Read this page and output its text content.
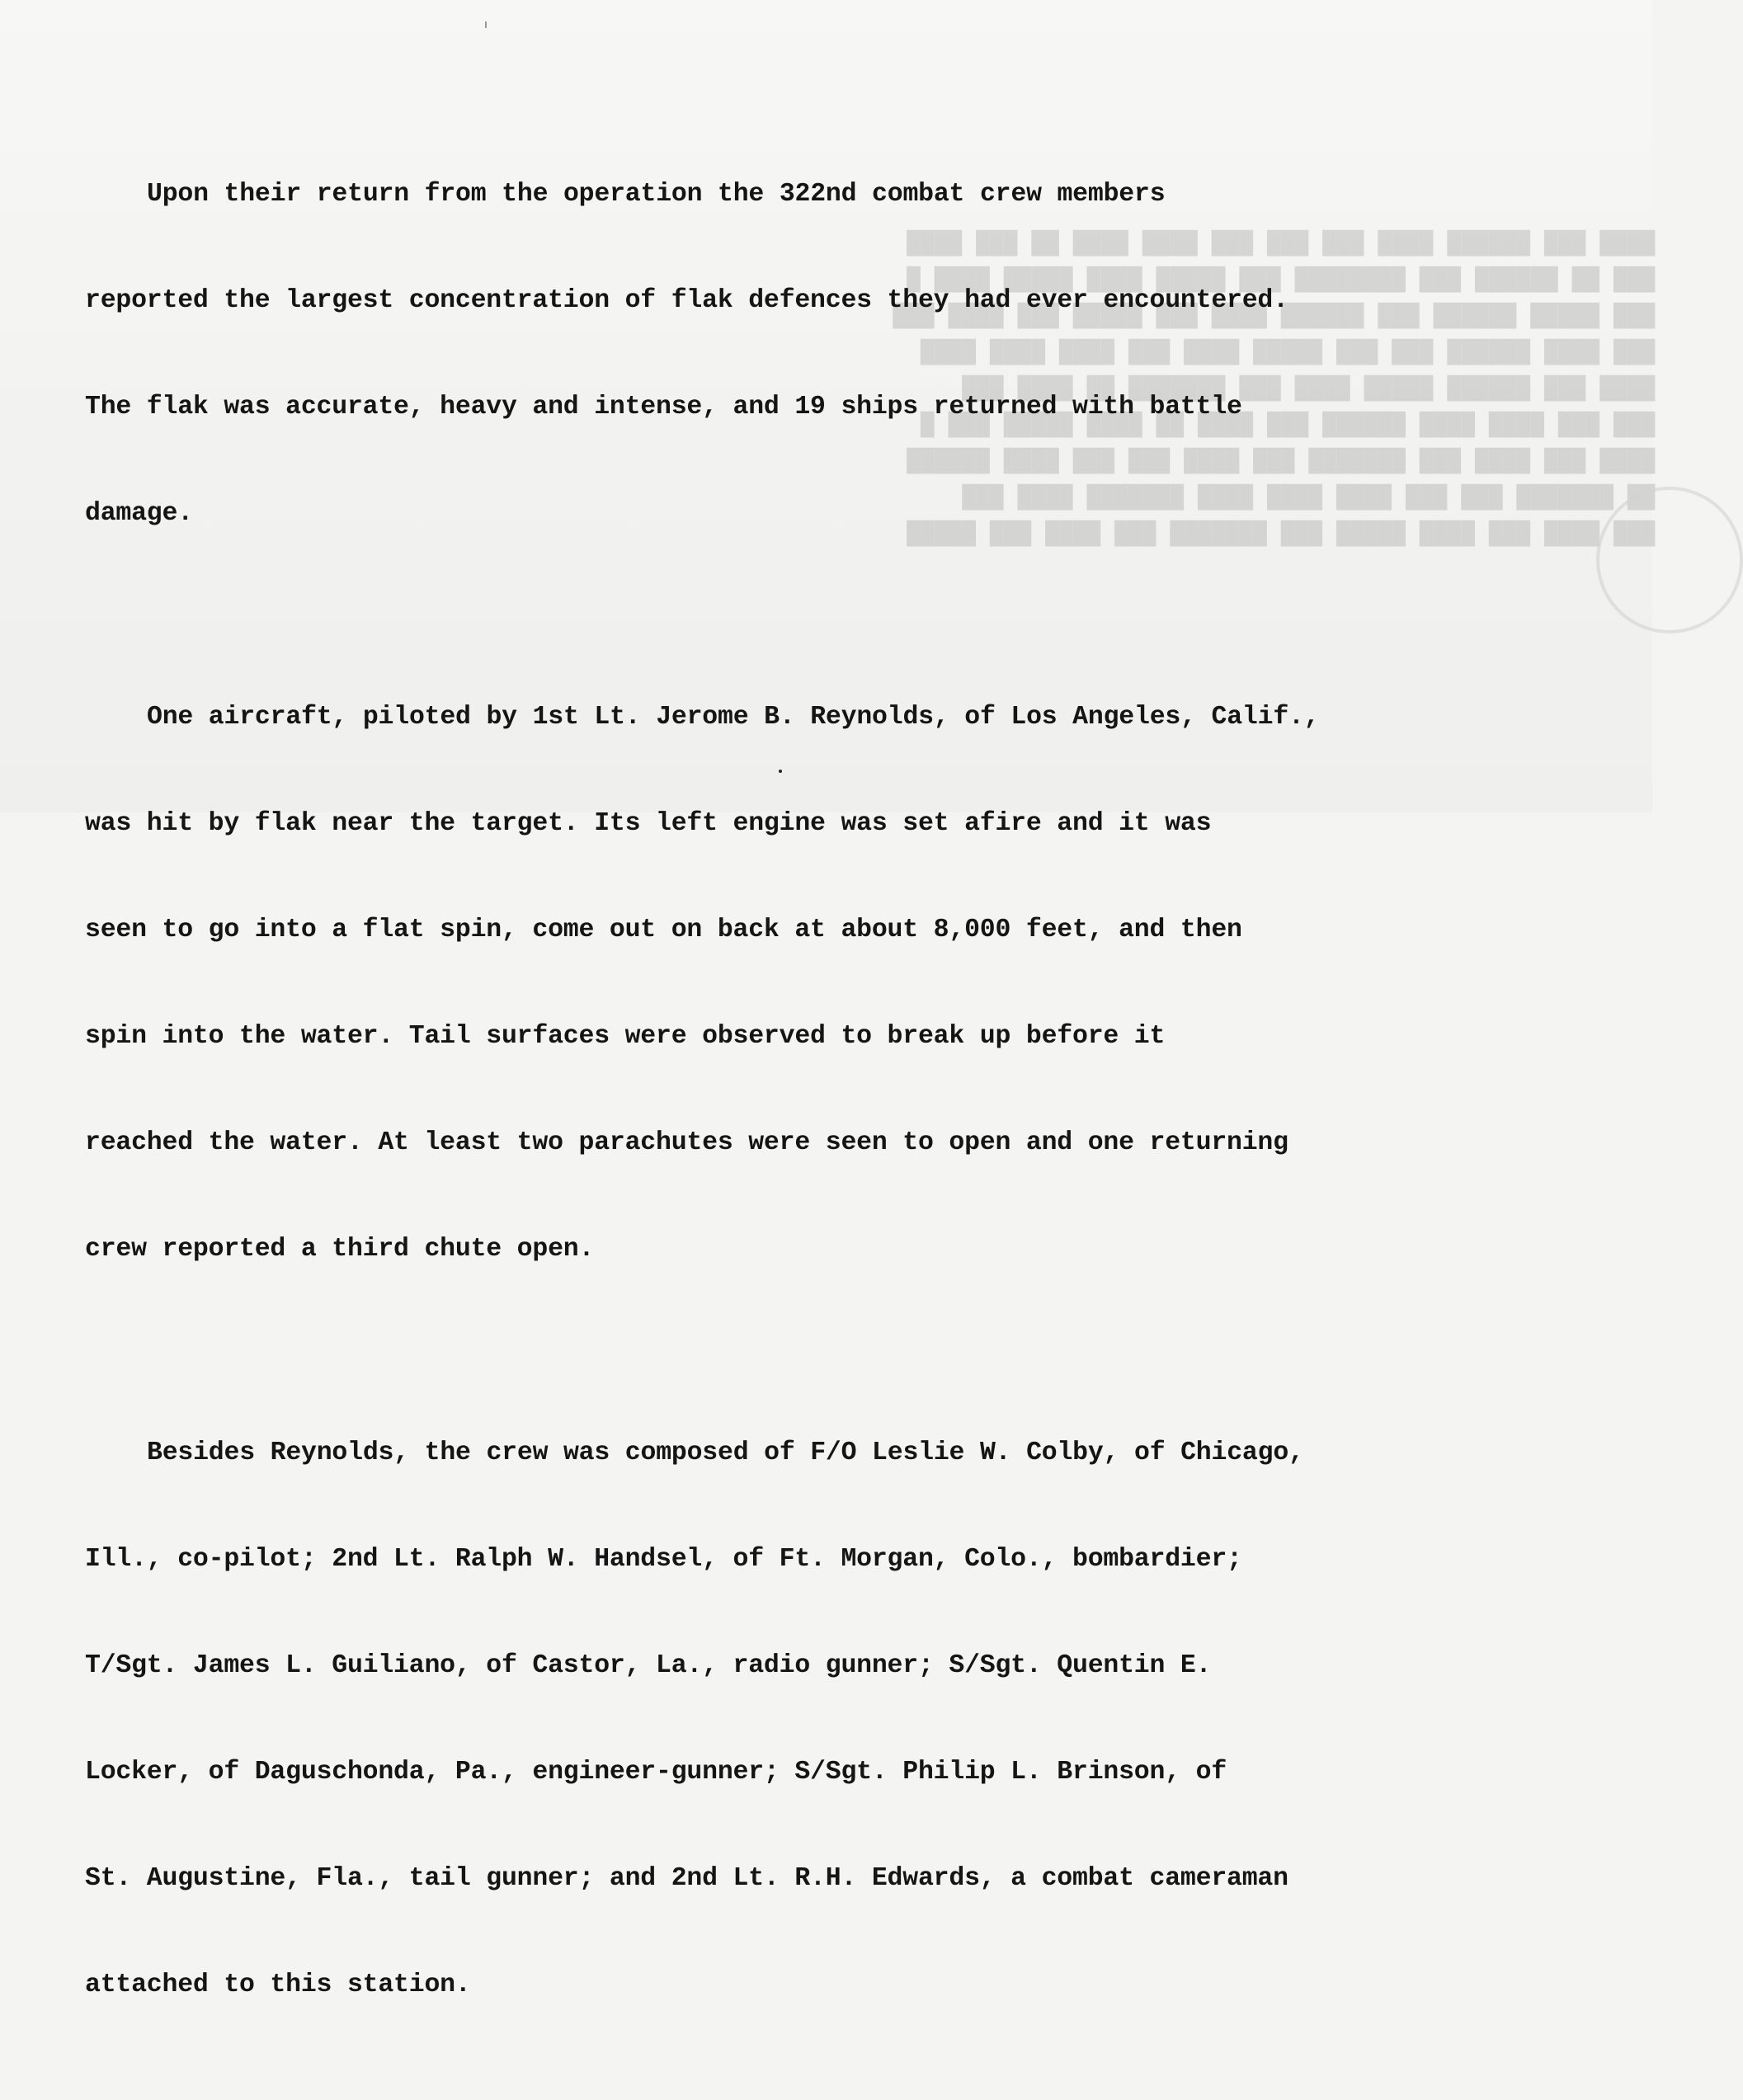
████ ███ ██████ ████ ███ ███ ███ ████ ████ ██ ███ ████
███ ██ ██████ ███ ████████ ███ █████ ████ █████ ████ █
███ █████ ██████ ███ ██████ ████ ███ █████ ███ ████ ███
███ ████ ██████ ███ ███ █████ ████ ███ ████ ████ ████
████ ███ ██████ █████ ████ ███ ███████ ██ ████ ███
███ ███ ████ ████ ██████ ███ ████ ██ ████ █████ ███ █
████ ███ ████ ███ ███████ ███ ████ ███ ███ ████ ██████
██ ███████ ███ ███ ████ ████ ████ ███████ ████ ███
███ ████ ███ ████ █████ ███ ███████ ███ ████ ███ █████

Upon their return from the operation the 322nd combat crew members

reported the largest concentration of flak defences they had ever encountered.

The flak was accurate, heavy and intense, and 19 ships returned with battle

damage.

One aircraft, piloted by 1st Lt. Jerome B. Reynolds, of Los Angeles, Calif.,

was hit by flak near the target. Its left engine was set afire and it was

seen to go into a flat spin, come out on back at about 8,000 feet, and then

spin into the water. Tail surfaces were observed to break up before it

reached the water. At least two parachutes were seen to open and one returning

crew reported a third chute open.

Besides Reynolds, the crew was composed of F/O Leslie W. Colby, of Chicago,

Ill., co-pilot; 2nd Lt. Ralph W. Handsel, of Ft. Morgan, Colo., bombardier;

T/Sgt. James L. Guiliano, of Castor, La., radio gunner; S/Sgt. Quentin E.

Locker, of Daguschonda, Pa., engineer-gunner; S/Sgt. Philip L. Brinson, of

St. Augustine, Fla., tail gunner; and 2nd Lt. R.H. Edwards, a combat cameraman

attached to this station.
